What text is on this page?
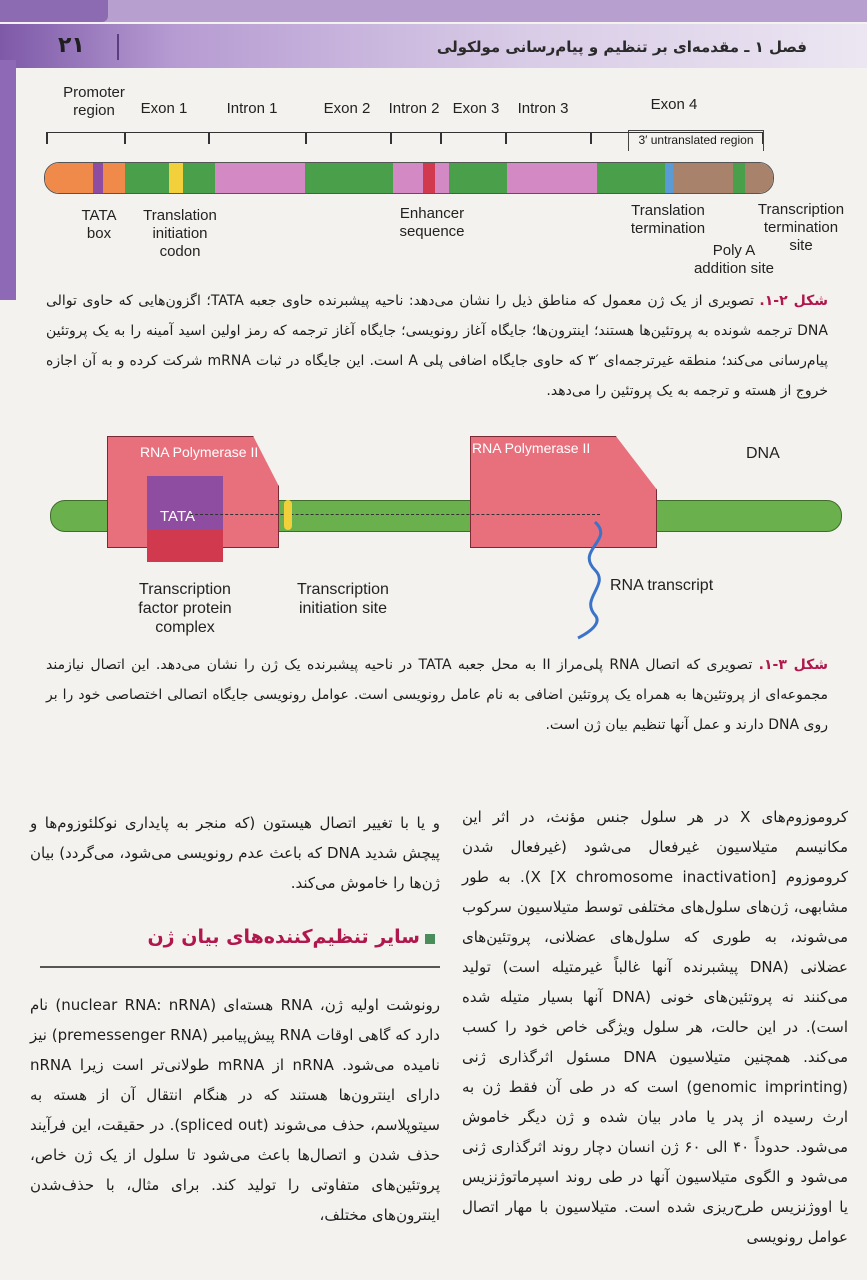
۲۱	فصل ۱ ـ مقدمه‌ای بر تنظیم و پیام‌رسانی مولکولی
Promoter
region	Exon 1	Intron 1	Exon 2	Intron 2 Exon 3	Intron 3	Exon 4
3′ untranslated region
TATA
box
Translation
initiation
codon
Enhancer
sequence
Translation
termination
Poly A
addition site
Transcription
termination
site
شکل ۲-۱. تصویری از یک ژن معمول که مناطق ذیل را نشان می‌دهد: ناحیه پیشبرنده حاوی جعبه TATA؛ اگزون‌هایی که حاوی توالی DNA ترجمه شونده به پروتئین‌ها هستند؛ اینترون‌ها؛ جایگاه آغاز رونویسی؛ جایگاه آغاز ترجمه که رمز اولین اسید آمینه را به یک پروتئین پیام‌رسانی می‌کند؛ منطقه غیرترجمه‌ای ′۳ که حاوی جایگاه اضافی پلی A است. این جایگاه در ثبات mRNA شرکت کرده و به آن اجازه خروج از هسته و ترجمه به یک پروتئین را می‌دهد.
RNA Polymerase II	RNA Polymerase II
TATA
DNA
Transcription
factor protein
complex
Transcription
initiation site
RNA transcript
شکل ۳-۱. تصویری که اتصال RNA پلی‌مراز II به محل جعبه TATA در ناحیه پیشبرنده یک ژن را نشان می‌دهد. این اتصال نیازمند مجموعه‌ای از پروتئین‌ها به همراه یک پروتئین اضافی به نام عامل رونویسی است. عوامل رونویسی جایگاه اتصالی اختصاصی خود را بر روی DNA دارند و عمل آنها تنظیم بیان ژن است.
کروموزوم‌های X در هر سلول جنس مؤنث، در اثر این مکانیسم متیلاسیون غیرفعال می‌شود (غیرفعال شدن کروموزوم X [X chromosome inactivation]). به طور مشابهی، ژن‌های سلول‌های مختلفی توسط متیلاسیون سرکوب می‌شوند، به طوری که سلول‌های عضلانی، پروتئین‌های عضلانی (DNA پیشبرنده آنها غالباً غیرمتیله است) تولید می‌کنند نه پروتئین‌های خونی (DNA آنها بسیار متیله شده است). در این حالت، هر سلول ویژگی خاص خود را کسب می‌کند. همچنین متیلاسیون DNA مسئول اثرگذاری ژنی (genomic imprinting) است که در طی آن فقط ژن به ارث رسیده از پدر یا مادر بیان شده و ژن دیگر خاموش می‌شود. حدوداً ۴۰ الی ۶۰ ژن انسان دچار روند اثرگذاری ژنی می‌شود و الگوی متیلاسیون آنها در طی روند اسپرماتوژنزیس یا اووژنزیس طرح‌ریزی شده است. متیلاسیون با مهار اتصال عوامل رونویسی
و یا با تغییر اتصال هیستون (که منجر به پایداری نوکلئوزوم‌ها و پیچش شدید DNA که باعث عدم رونویسی می‌شود، می‌گردد) بیان ژن‌ها را خاموش می‌کند.
سایر تنظیم‌کننده‌های بیان ژن
رونوشت اولیه ژن، RNA هسته‌ای (nuclear RNA: nRNA) نام دارد که گاهی اوقات RNA پیش‌پیامبر (premessenger RNA) نیز نامیده می‌شود. nRNA از mRNA طولانی‌تر است زیرا nRNA دارای اینترون‌ها هستند که در هنگام انتقال آن از هسته به سیتوپلاسم، حذف می‌شوند (spliced out). در حقیقت، این فرآیند حذف شدن و اتصال‌ها باعث می‌شود تا سلول از یک ژن خاص، پروتئین‌های متفاوتی را تولید کند. برای مثال، با حذف‌شدن اینترون‌های مختلف،
